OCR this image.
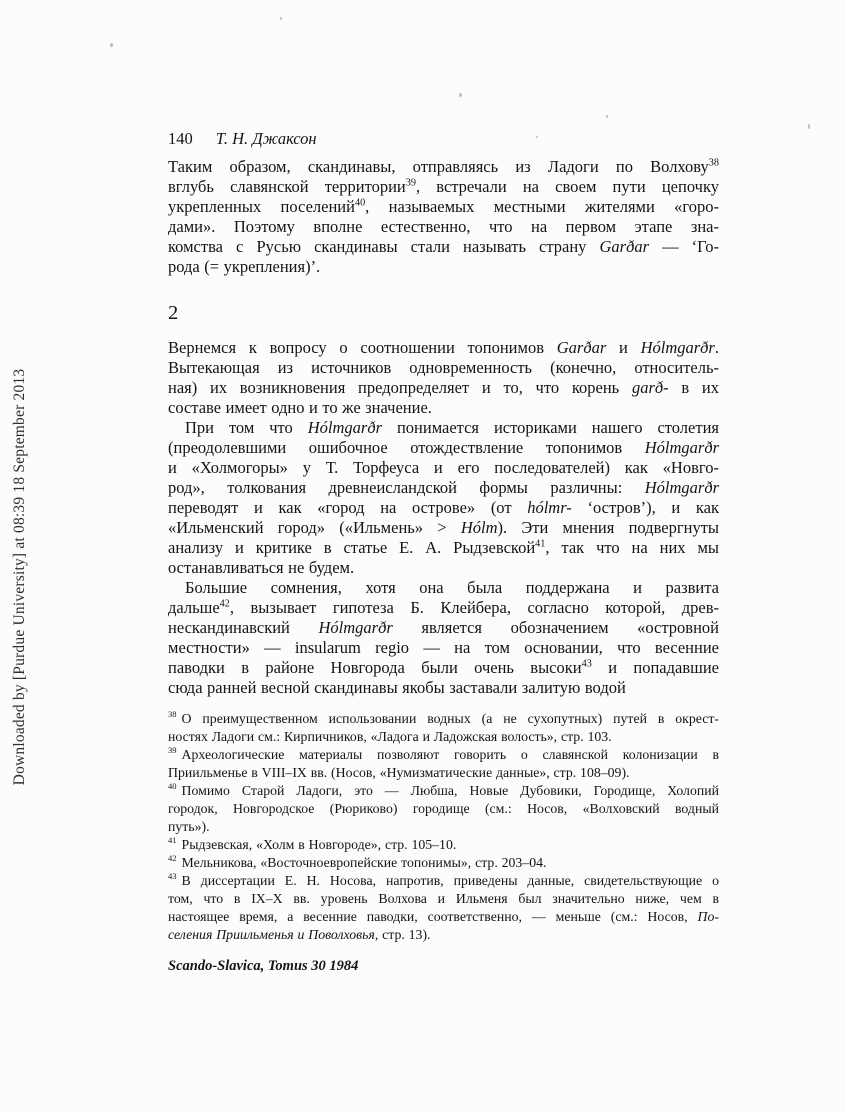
Downloaded by [Purdue University] at 08:39 18 September 2013
140 Т. Н. Джаксон
Таким образом, скандинавы, отправляясь из Ладоги по Волхову$^{38}$
вглубь славянской территории$^{39}$, встречали на своем пути цепочку
укрепленных поселений$^{40}$, называемых местными жителями «горо-
дами». Поэтому вполне естественно, что на первом этапе зна-
комства с Русью скандинавы стали называть страну Garðar — ‘Го-
рода (= укрепления)’.
2
Вернемся к вопросу о соотношении топонимов Garðar и Hólmgarðr.
Вытекающая из источников одновременность (конечно, относитель-
ная) их возникновения предопределяет и то, что корень garð- в их
составе имеет одно и то же значение.
При том что Hólmgarðr понимается историками нашего столетия
(преодолевшими ошибочное отождествление топонимов Hólmgarðr
и «Холмогоры» у Т. Торфеуса и его последователей) как «Новго-
род», толкования древнеисландской формы различны: Hólmgarðr
переводят и как «город на острове» (от hólmr- ‘остров’), и как
«Ильменский город» («Ильмень» > Hólm). Эти мнения подвергнуты
анализу и критике в статье Е. А. Рыдзевской$^{41}$, так что на них мы
останавливаться не будем.
Большие сомнения, хотя она была поддержана и развита
дальше$^{42}$, вызывает гипотеза Б. Клейбера, согласно которой, древ-
нескандинавский Hólmgarðr является обозначением «островной
местности» — insularum regio — на том основании, что весенние
паводки в районе Новгорода были очень высоки$^{43}$ и попадавшие
сюда ранней весной скандинавы якобы заставали залитую водой
$^{38}$ О преимущественном использовании водных (а не сухопутных) путей в окрест-
ностях Ладоги см.: Кирпичников, «Ладога и Ладожская волость», стр. 103.
$^{39}$ Археологические материалы позволяют говорить о славянской колонизации в
Приильменье в VIII–IX вв. (Носов, «Нумизматические данные», стр. 108–09).
$^{40}$ Помимо Старой Ладоги, это — Любша, Новые Дубовики, Городище, Холопий
городок, Новгородское (Рюриково) городище (см.: Носов, «Волховский водный
путь»).
$^{41}$ Рыдзевская, «Холм в Новгороде», стр. 105–10.
$^{42}$ Мельникова, «Восточноевропейские топонимы», стр. 203–04.
$^{43}$ В диссертации Е. Н. Носова, напротив, приведены данные, свидетельствующие о
том, что в IX–X вв. уровень Волхова и Ильменя был значительно ниже, чем в
настоящее время, а весенние паводки, соответственно, — меньше (см.: Носов, По-
селения Приильменья и Поволховья, стр. 13).
Scando-Slavica, Tomus 30 1984
